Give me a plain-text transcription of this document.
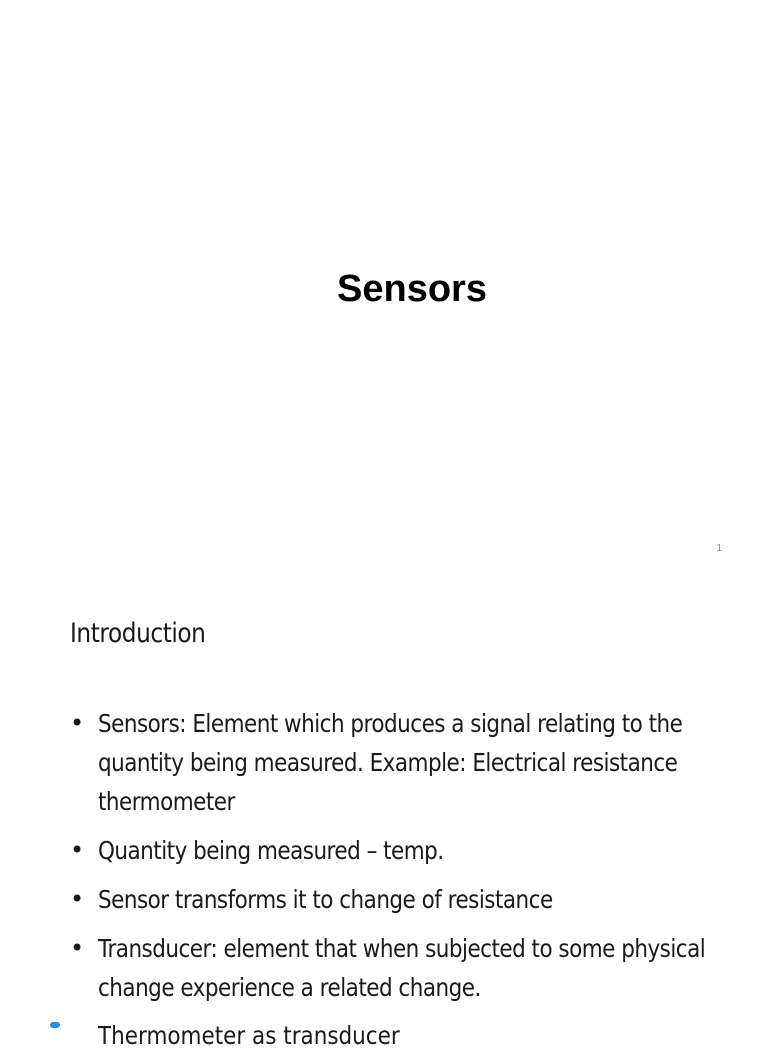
Sensors
1
Introduction
• Sensors: Element which produces a signal relating to the quantity being measured. Example: Electrical resistance thermometer
• Quantity being measured – temp.
• Sensor transforms it to change of resistance
• Transducer: element that when subjected to some physical change experience a related change.
Thermometer as transducer
